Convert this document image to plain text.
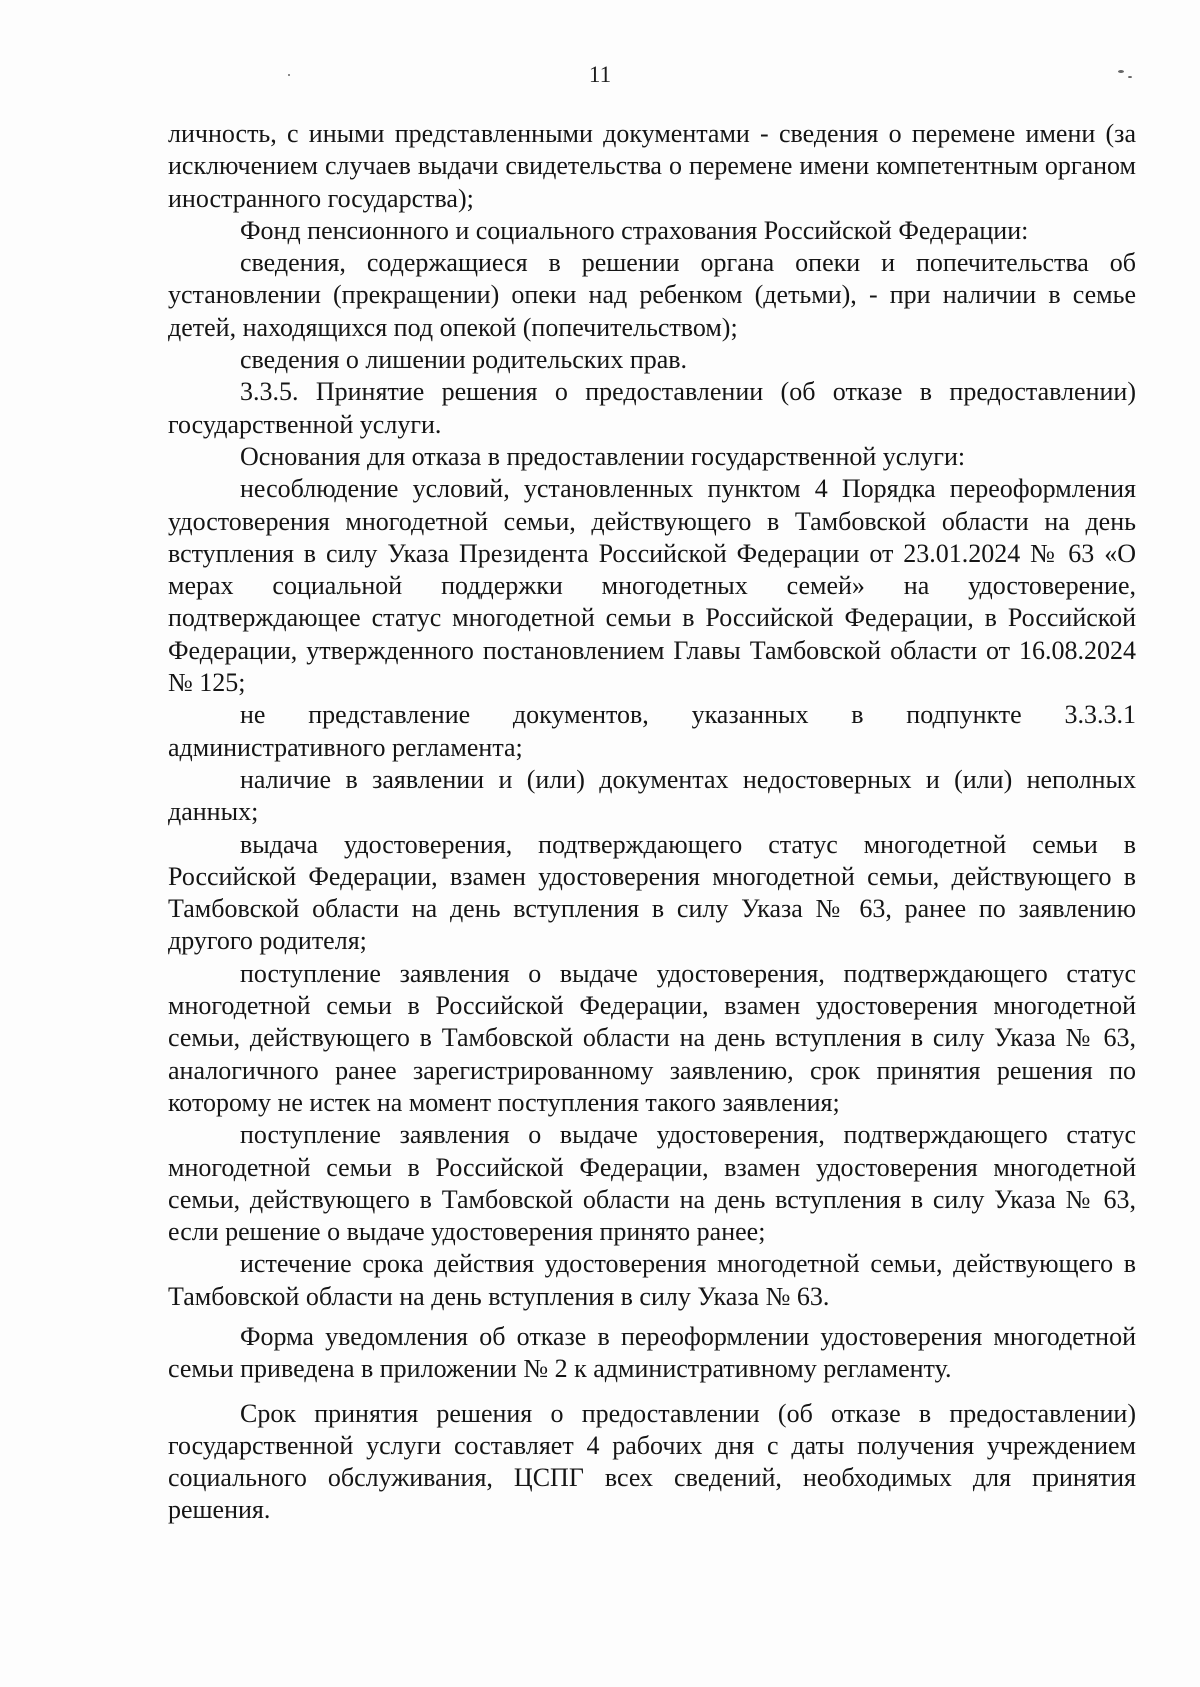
11

личность, с иными представленными документами - сведения о перемене имени (за исключением случаев выдачи свидетельства о перемене имени компетентным органом иностранного государства);

Фонд пенсионного и социального страхования Российской Федерации:

сведения, содержащиеся в решении органа опеки и попечительства об установлении (прекращении) опеки над ребенком (детьми), - при наличии в семье детей, находящихся под опекой (попечительством);

сведения о лишении родительских прав.

3.3.5. Принятие решения о предоставлении (об отказе в предоставлении) государственной услуги.

Основания для отказа в предоставлении государственной услуги:

несоблюдение условий, установленных пунктом 4 Порядка переоформления удостоверения многодетной семьи, действующего в Тамбовской области на день вступления в силу Указа Президента Российской Федерации от 23.01.2024 № 63 «О мерах социальной поддержки многодетных семей» на удостоверение, подтверждающее статус многодетной семьи в Российской Федерации, в Российской Федерации, утвержденного постановлением Главы Тамбовской области от 16.08.2024 № 125;

не представление документов, указанных в подпункте 3.3.3.1 административного регламента;

наличие в заявлении и (или) документах недостоверных и (или) неполных данных;

выдача удостоверения, подтверждающего статус многодетной семьи в Российской Федерации, взамен удостоверения многодетной семьи, действующего в Тамбовской области на день вступления в силу Указа № 63, ранее по заявлению другого родителя;

поступление заявления о выдаче удостоверения, подтверждающего статус многодетной семьи в Российской Федерации, взамен удостоверения многодетной семьи, действующего в Тамбовской области на день вступления в силу Указа № 63, аналогичного ранее зарегистрированному заявлению, срок принятия решения по которому не истек на момент поступления такого заявления;

поступление заявления о выдаче удостоверения, подтверждающего статус многодетной семьи в Российской Федерации, взамен удостоверения многодетной семьи, действующего в Тамбовской области на день вступления в силу Указа № 63, если решение о выдаче удостоверения принято ранее;

истечение срока действия удостоверения многодетной семьи, действующего в Тамбовской области на день вступления в силу Указа № 63.

Форма уведомления об отказе в переоформлении удостоверения многодетной семьи приведена в приложении № 2 к административному регламенту.

Срок принятия решения о предоставлении (об отказе в предоставлении) государственной услуги составляет 4 рабочих дня с даты получения учреждением социального обслуживания, ЦСПГ всех сведений, необходимых для принятия решения.
